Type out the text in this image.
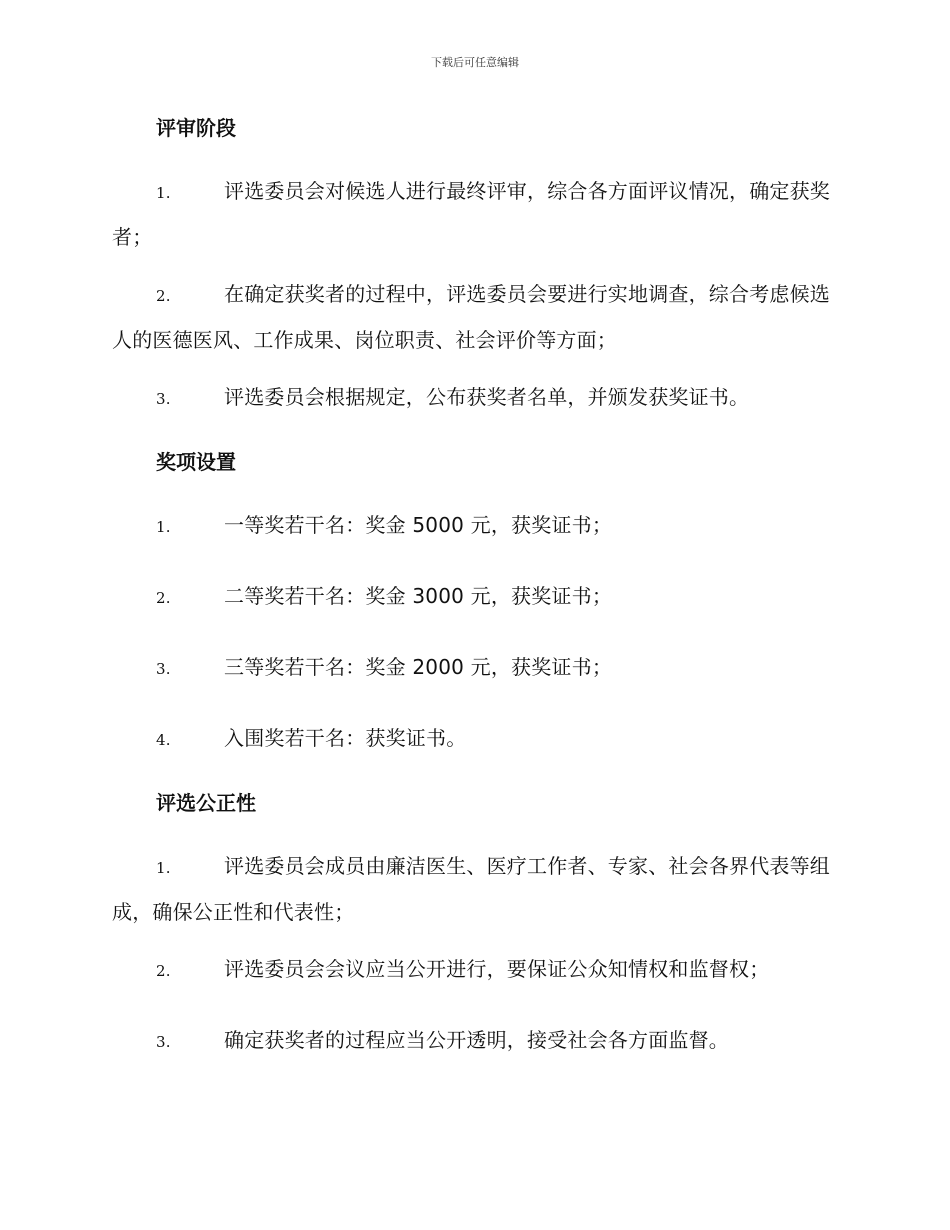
下载后可任意编辑
评审阶段
1.	评选委员会对候选人进行最终评审，综合各方面评议情况，确定获奖者；
2.	在确定获奖者的过程中，评选委员会要进行实地调查，综合考虑候选人的医德医风、工作成果、岗位职责、社会评价等方面；
3.	评选委员会根据规定，公布获奖者名单，并颁发获奖证书。
奖项设置
1.	一等奖若干名：奖金 5000 元，获奖证书；
2.	二等奖若干名：奖金 3000 元，获奖证书；
3.	三等奖若干名：奖金 2000 元，获奖证书；
4.	入围奖若干名：获奖证书。
评选公正性
1.	评选委员会成员由廉洁医生、医疗工作者、专家、社会各界代表等组成，确保公正性和代表性；
2.	评选委员会会议应当公开进行，要保证公众知情权和监督权；
3.	确定获奖者的过程应当公开透明，接受社会各方面监督。
